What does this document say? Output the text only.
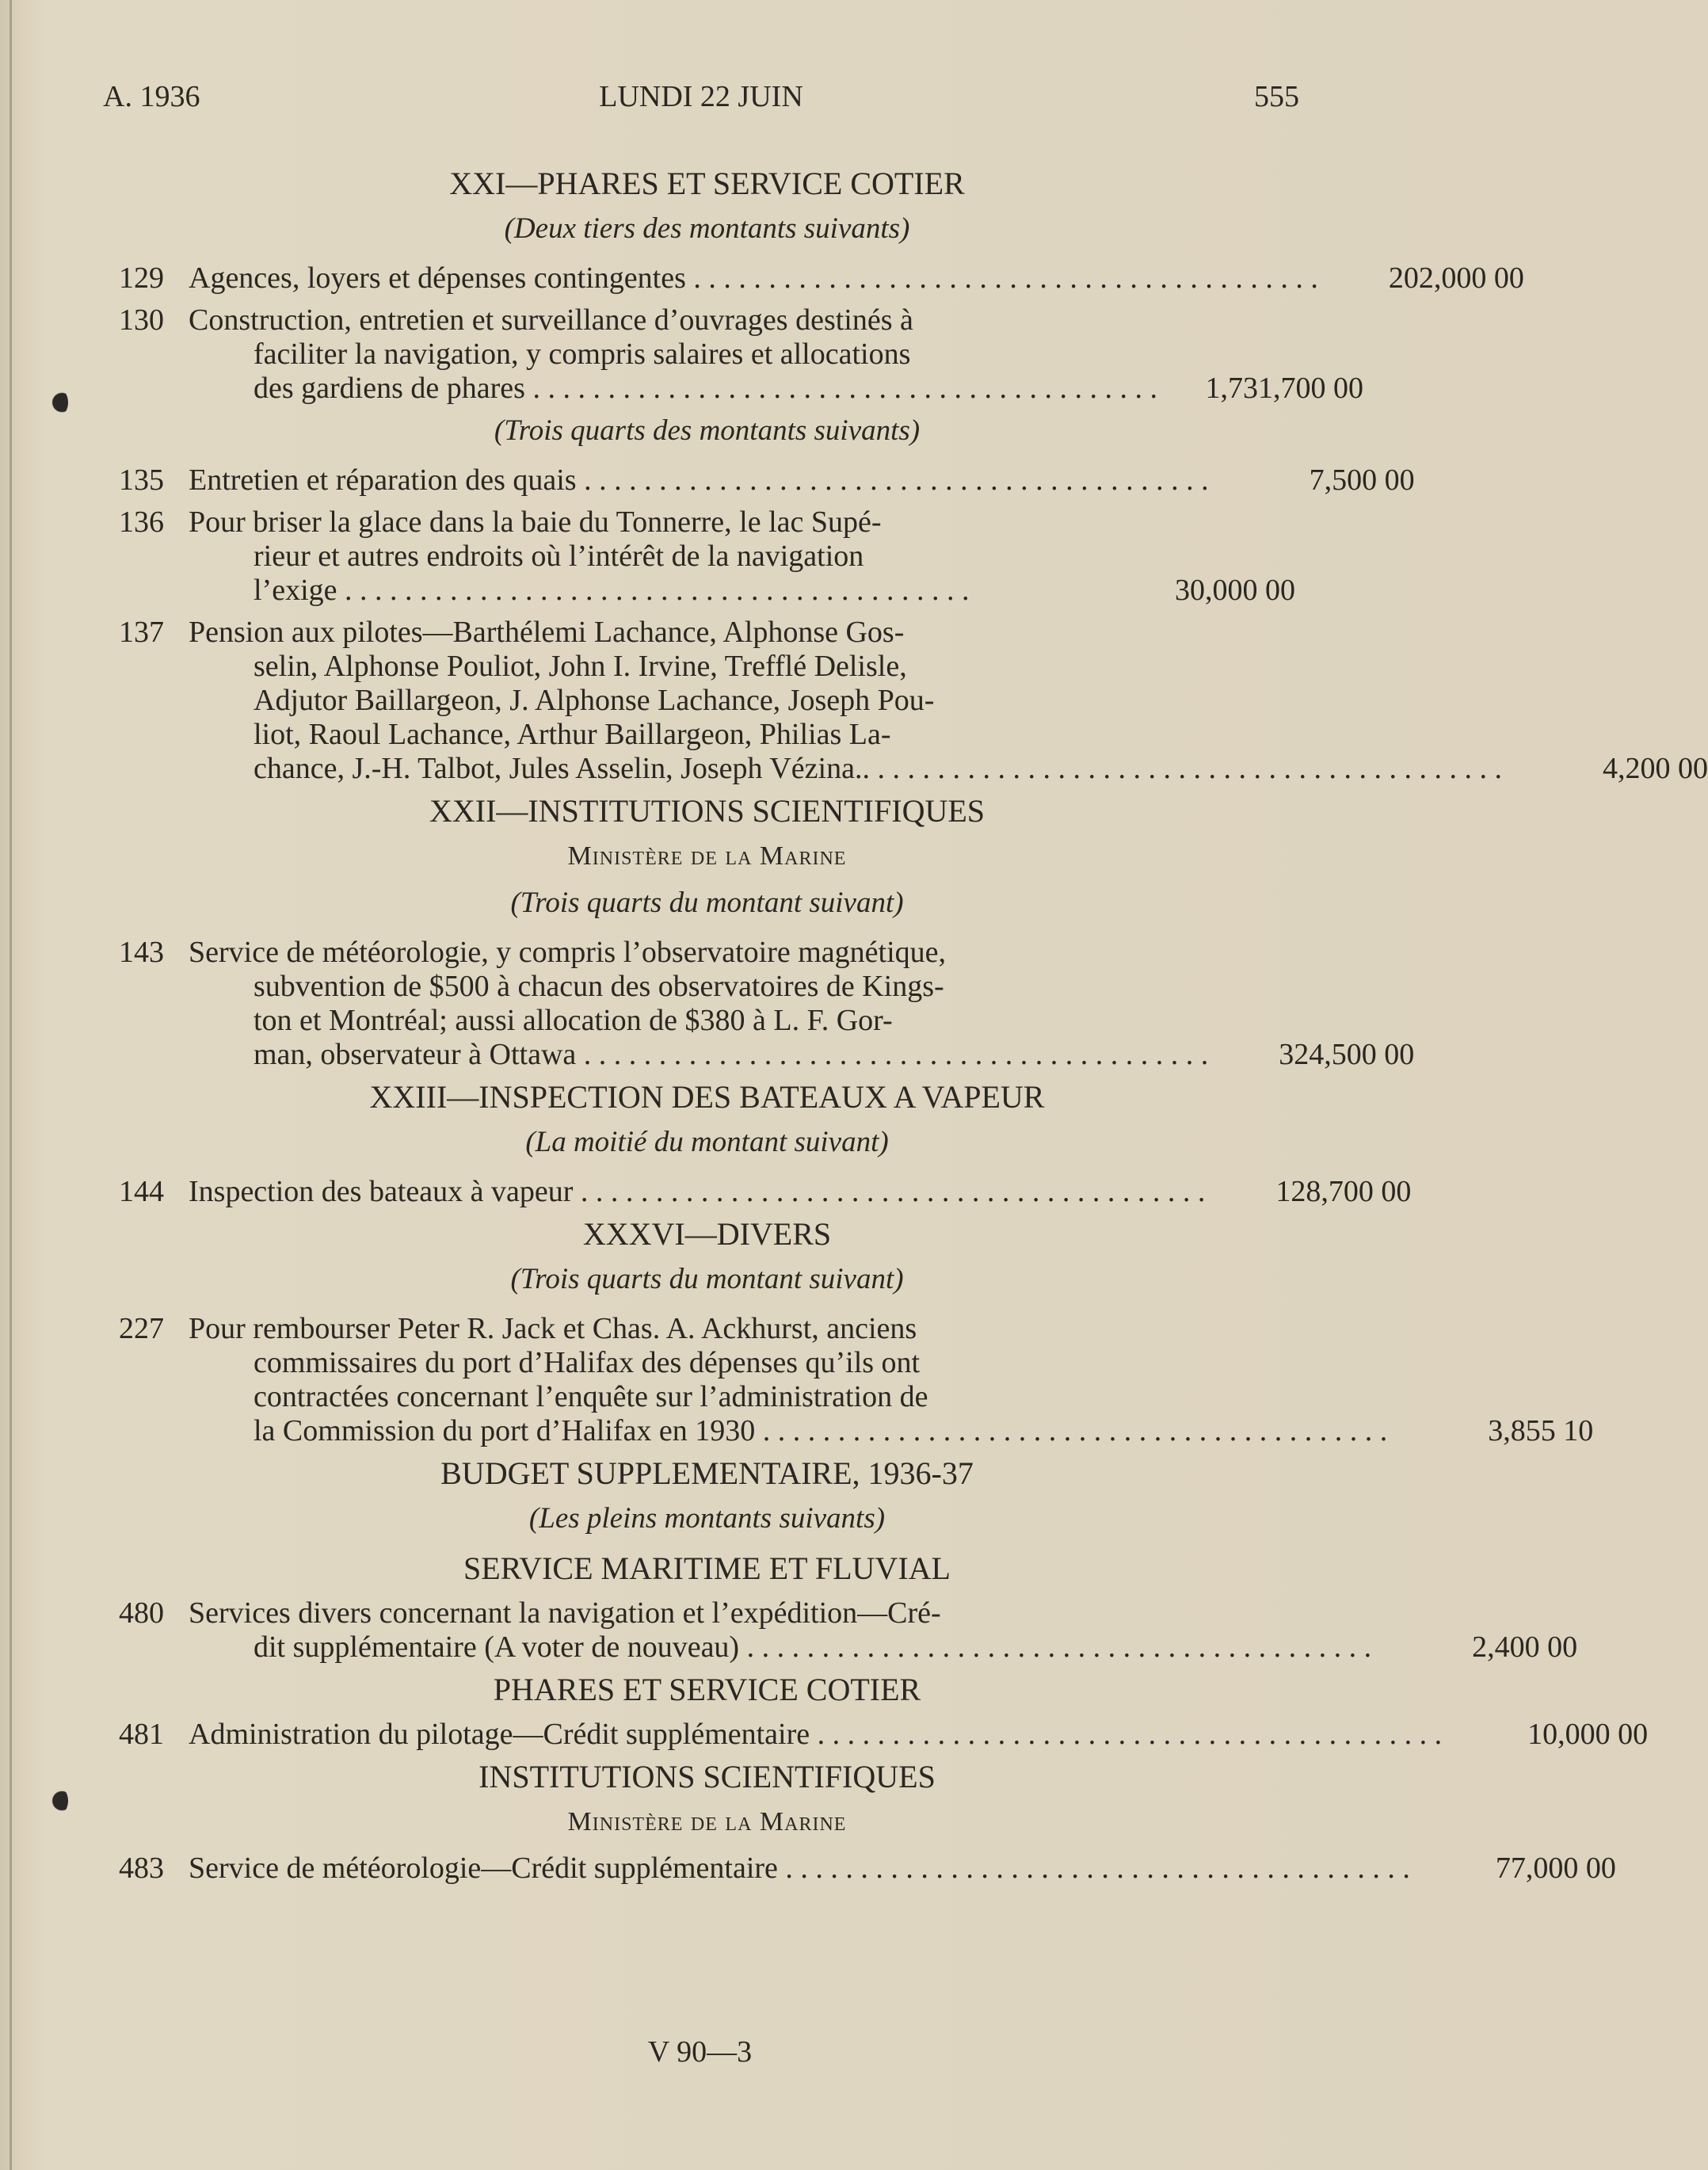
A. 1936	LUNDI 22 JUIN	555
XXI—PHARES ET SERVICE COTIER
(Deux tiers des montants suivants)
129 Agences, loyers et dépenses contingentes . . .	202,000 00
130 Construction, entretien et surveillance d’ouvrages destinés à
faciliter la navigation, y compris salaires et allocations
des gardiens de phares . . .	1,731,700 00
(Trois quarts des montants suivants)
135 Entretien et réparation des quais . . .	7,500 00
136 Pour briser la glace dans la baie du Tonnerre, le lac Supé-
rieur et autres endroits où l’intérêt de la navigation
l’exige . . .	30,000 00
137 Pension aux pilotes—Barthélemi Lachance, Alphonse Gos-
selin, Alphonse Pouliot, John I. Irvine, Trefflé Delisle,
Adjutor Baillargeon, J. Alphonse Lachance, Joseph Pou-
liot, Raoul Lachance, Arthur Baillargeon, Philias La-
chance, J.-H. Talbot, Jules Asselin, Joseph Vézina.. . . .	4,200 00
XXII—INSTITUTIONS SCIENTIFIQUES
Ministère de la Marine
(Trois quarts du montant suivant)
143 Service de météorologie, y compris l’observatoire magnétique,
subvention de $500 à chacun des observatoires de Kings-
ton et Montréal; aussi allocation de $380 à L. F. Gor-
man, observateur à Ottawa . . .	324,500 00
XXIII—INSPECTION DES BATEAUX A VAPEUR
(La moitié du montant suivant)
144 Inspection des bateaux à vapeur . . .	128,700 00
XXXVI—DIVERS
(Trois quarts du montant suivant)
227 Pour rembourser Peter R. Jack et Chas. A. Ackhurst, anciens
commissaires du port d’Halifax des dépenses qu’ils ont
contractées concernant l’enquête sur l’administration de
la Commission du port d’Halifax en 1930 . . .	3,855 10
BUDGET SUPPLEMENTAIRE, 1936-37
(Les pleins montants suivants)
SERVICE MARITIME ET FLUVIAL
480 Services divers concernant la navigation et l’expédition—Cré-
dit supplémentaire (A voter de nouveau) . . .	2,400 00
PHARES ET SERVICE COTIER
481 Administration du pilotage—Crédit supplémentaire . . .	10,000 00
INSTITUTIONS SCIENTIFIQUES
Ministère de la Marine
483 Service de météorologie—Crédit supplémentaire . . .	77,000 00
V 90—3
